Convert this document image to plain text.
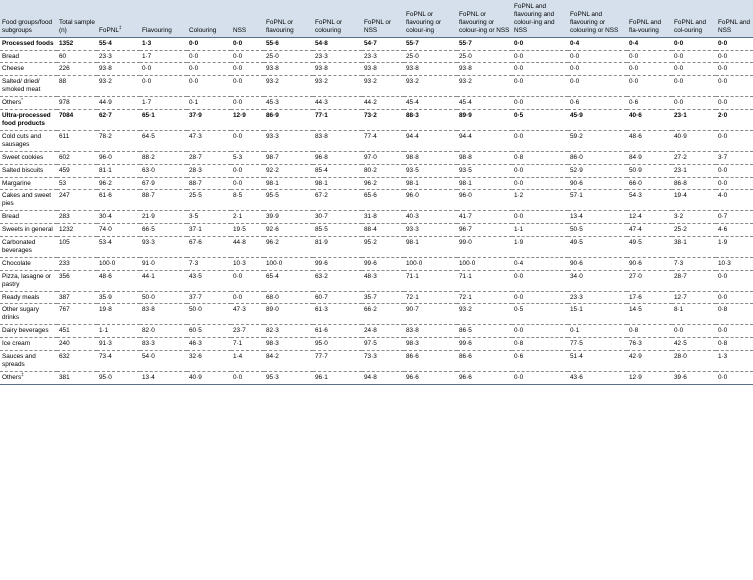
Food groups/food subgroups	Total sample (n)	FoPNL‡	Flavouring	Colouring	NSS	FoPNL or flavouring	FoPNL or colouring	FoPNL or NSS	FoPNL or flavouring or colour-ing	FoPNL or flavouring or colour-ing or NSS	FoPNL and flavouring and colour-ing and NSS	FoPNL and flavouring or colouring or NSS	FoPNL and fla-vouring	FoPNL and col-ouring	FoPNL and NSS
Processed foods	1352	55·4	1·3	0·0	0·0	55·6	54·8	54·7	55·7	55·7	0·0	0·4	0·4	0·0	0·0
Bread	60	23·3	1·7	0·0	0·0	25·0	23·3	23·3	25·0	25·0	0·0	0·0	0·0	0·0	0·0
Cheese	226	93·8	0·0	0·0	0·0	93·8	93·8	93·8	93·8	93·8	0·0	0·0	0·0	0·0	0·0
Salted/ dried/ smoked meat	88	93·2	0·0	0·0	0·0	93·2	93·2	93·2	93·2	93·2	0·0	0·0	0·0	0·0	0·0
Others*	978	44·9	1·7	0·1	0·0	45·3	44·3	44·2	45·4	45·4	0·0	0·6	0·6	0·0	0·0
Ultra-processed food products	7084	62·7	65·1	37·9	12·9	86·9	77·1	73·2	88·3	89·9	0·5	45·9	40·6	23·1	2·0
Cold cuts and sausages	611	78·2	64·5	47·3	0·0	93·3	83·8	77·4	94·4	94·4	0·0	59·2	48·6	40·9	0·0
Sweet cookies	602	96·0	88·2	28·7	5·3	98·7	96·8	97·0	98·8	98·8	0·8	86·0	84·9	27·2	3·7
Salted biscuits	459	81·1	63·0	28·3	0·0	92·2	85·4	80·2	93·5	93·5	0·0	52·9	50·9	23·1	0·0
Margarine	53	96·2	67·9	88·7	0·0	98·1	98·1	96·2	98·1	98·1	0·0	90·6	66·0	86·8	0·0
Cakes and sweet pies	247	61·6	88·7	25·5	8·5	95·5	67·2	65·6	96·0	96·0	1·2	57·1	54·3	19·4	4·0
Bread	283	30·4	21·9	3·5	2·1	39·9	30·7	31·8	40·3	41·7	0·0	13·4	12·4	3·2	0·7
Sweets in general	1232	74·0	66·5	37·1	19·5	92·6	85·5	88·4	93·3	96·7	1·1	50·5	47·4	25·2	4·6
Carbonated beverages	105	53·4	93·3	67·6	44·8	96·2	81·9	95·2	98·1	99·0	1·9	49·5	49·5	38·1	1·9
Chocolate	233	100·0	91·0	7·3	10·3	100·0	99·6	99·6	100·0	100·0	0·4	90·6	90·6	7·3	10·3
Pizza, lasagne or pastry	356	48·6	44·1	43·5	0·0	65·4	63·2	48·3	71·1	71·1	0·0	34·0	27·0	28·7	0·0
Ready meals	387	35·9	50·0	37·7	0·0	68·0	60·7	35·7	72·1	72·1	0·0	23·3	17·6	12·7	0·0
Other sugary drinks	767	19·8	83·8	50·0	47·3	89·0	61·3	66·2	90·7	93·2	0·5	15·1	14·5	8·1	0·8
Dairy beverages	451	1·1	82·0	60·5	23·7	82·3	61·6	24·8	83·8	86·5	0·0	0·1	0·8	0·0	0·0
Ice cream	240	91·3	83·3	46·3	7·1	98·3	95·0	97·5	98·3	99·6	0·8	77·5	76·3	42·5	0·8
Sauces and spreads	632	73·4	54·0	32·6	1·4	84·2	77·7	73·3	86·6	86·6	0·6	51·4	42·9	28·0	1·3
Others‡	381	95·0	13·4	40·9	0·0	95·3	96·1	94·8	96·6	96·6	0·0	43·6	12·9	39·6	0·0
